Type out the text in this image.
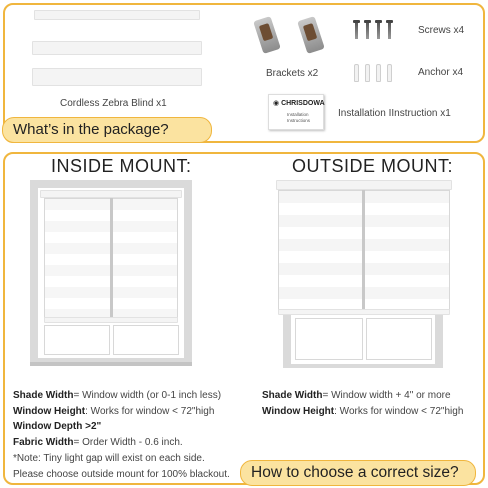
Cordless Zebra Blind x1
Brackets x2
Screws x4
Anchor x4
◉ CHRISDOWA
Installation
Instructions
Installation IInstruction x1
What’s in the package?
INSIDE MOUNT:	OUTSIDE MOUNT:
Shade Width= Window width (or 0-1 inch less)
Window Height: Works for window < 72"high
Window Depth >2"
Fabric Width= Order Width - 0.6 inch.
*Note: Tiny light gap will exist on each side.
Please choose outside mount for 100% blackout.
Shade Width= Window width + 4" or more
Window Height: Works for window < 72"high
How to choose a correct size?
